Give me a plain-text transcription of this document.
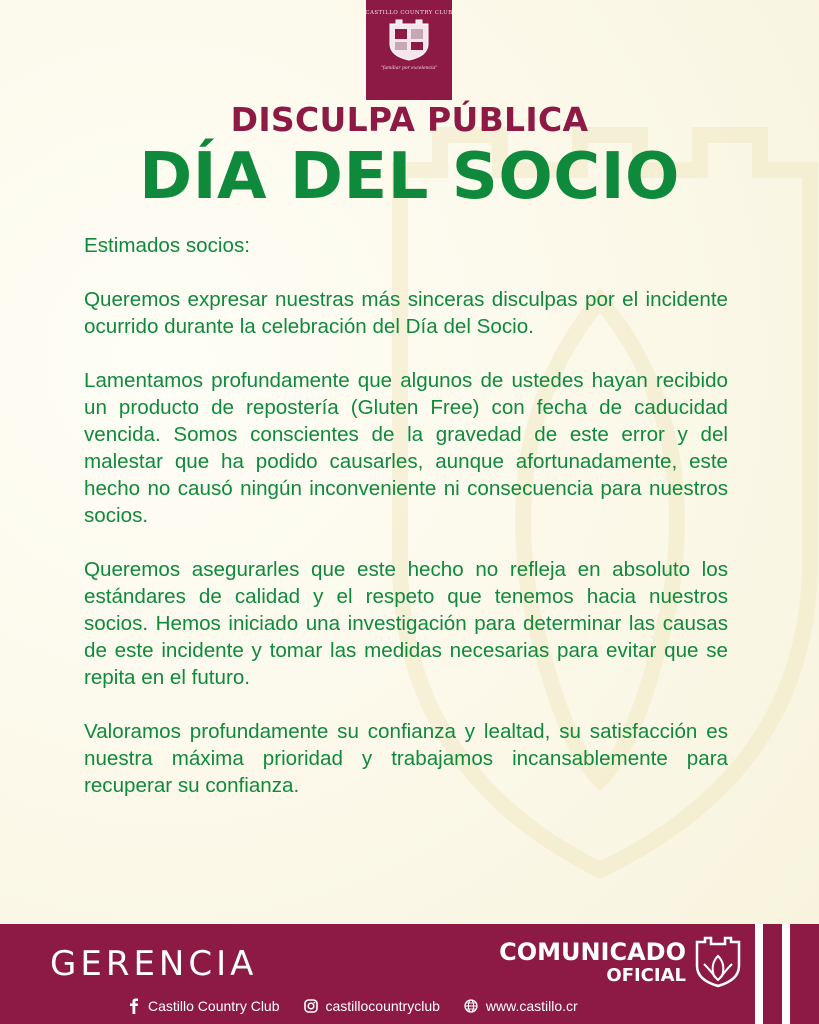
CASTILLO COUNTRY CLUB
"familiar por excelencia"
DISCULPA PÚBLICA
DÍA DEL SOCIO

Estimados socios:

Queremos expresar nuestras más sinceras disculpas por el incidente ocurrido durante la celebración del Día del Socio.

Lamentamos profundamente que algunos de ustedes hayan recibido un producto de repostería (Gluten Free) con fecha de caducidad vencida. Somos conscientes de la gravedad de este error y del malestar que ha podido causarles, aunque afortunadamente, este hecho no causó ningún inconveniente ni consecuencia para nuestros socios.

Queremos asegurarles que este hecho no refleja en absoluto los estándares de calidad y el respeto que tenemos hacia nuestros socios. Hemos iniciado una investigación para determinar las causas de este incidente y tomar las medidas necesarias para evitar que se repita en el futuro.

Valoramos profundamente su confianza y lealtad, su satisfacción es nuestra máxima prioridad y trabajamos incansablemente para recuperar su confianza.

GERENCIA	COMUNICADO
OFICIAL
Castillo Country Club	castillocountryclub	www.castillo.cr
